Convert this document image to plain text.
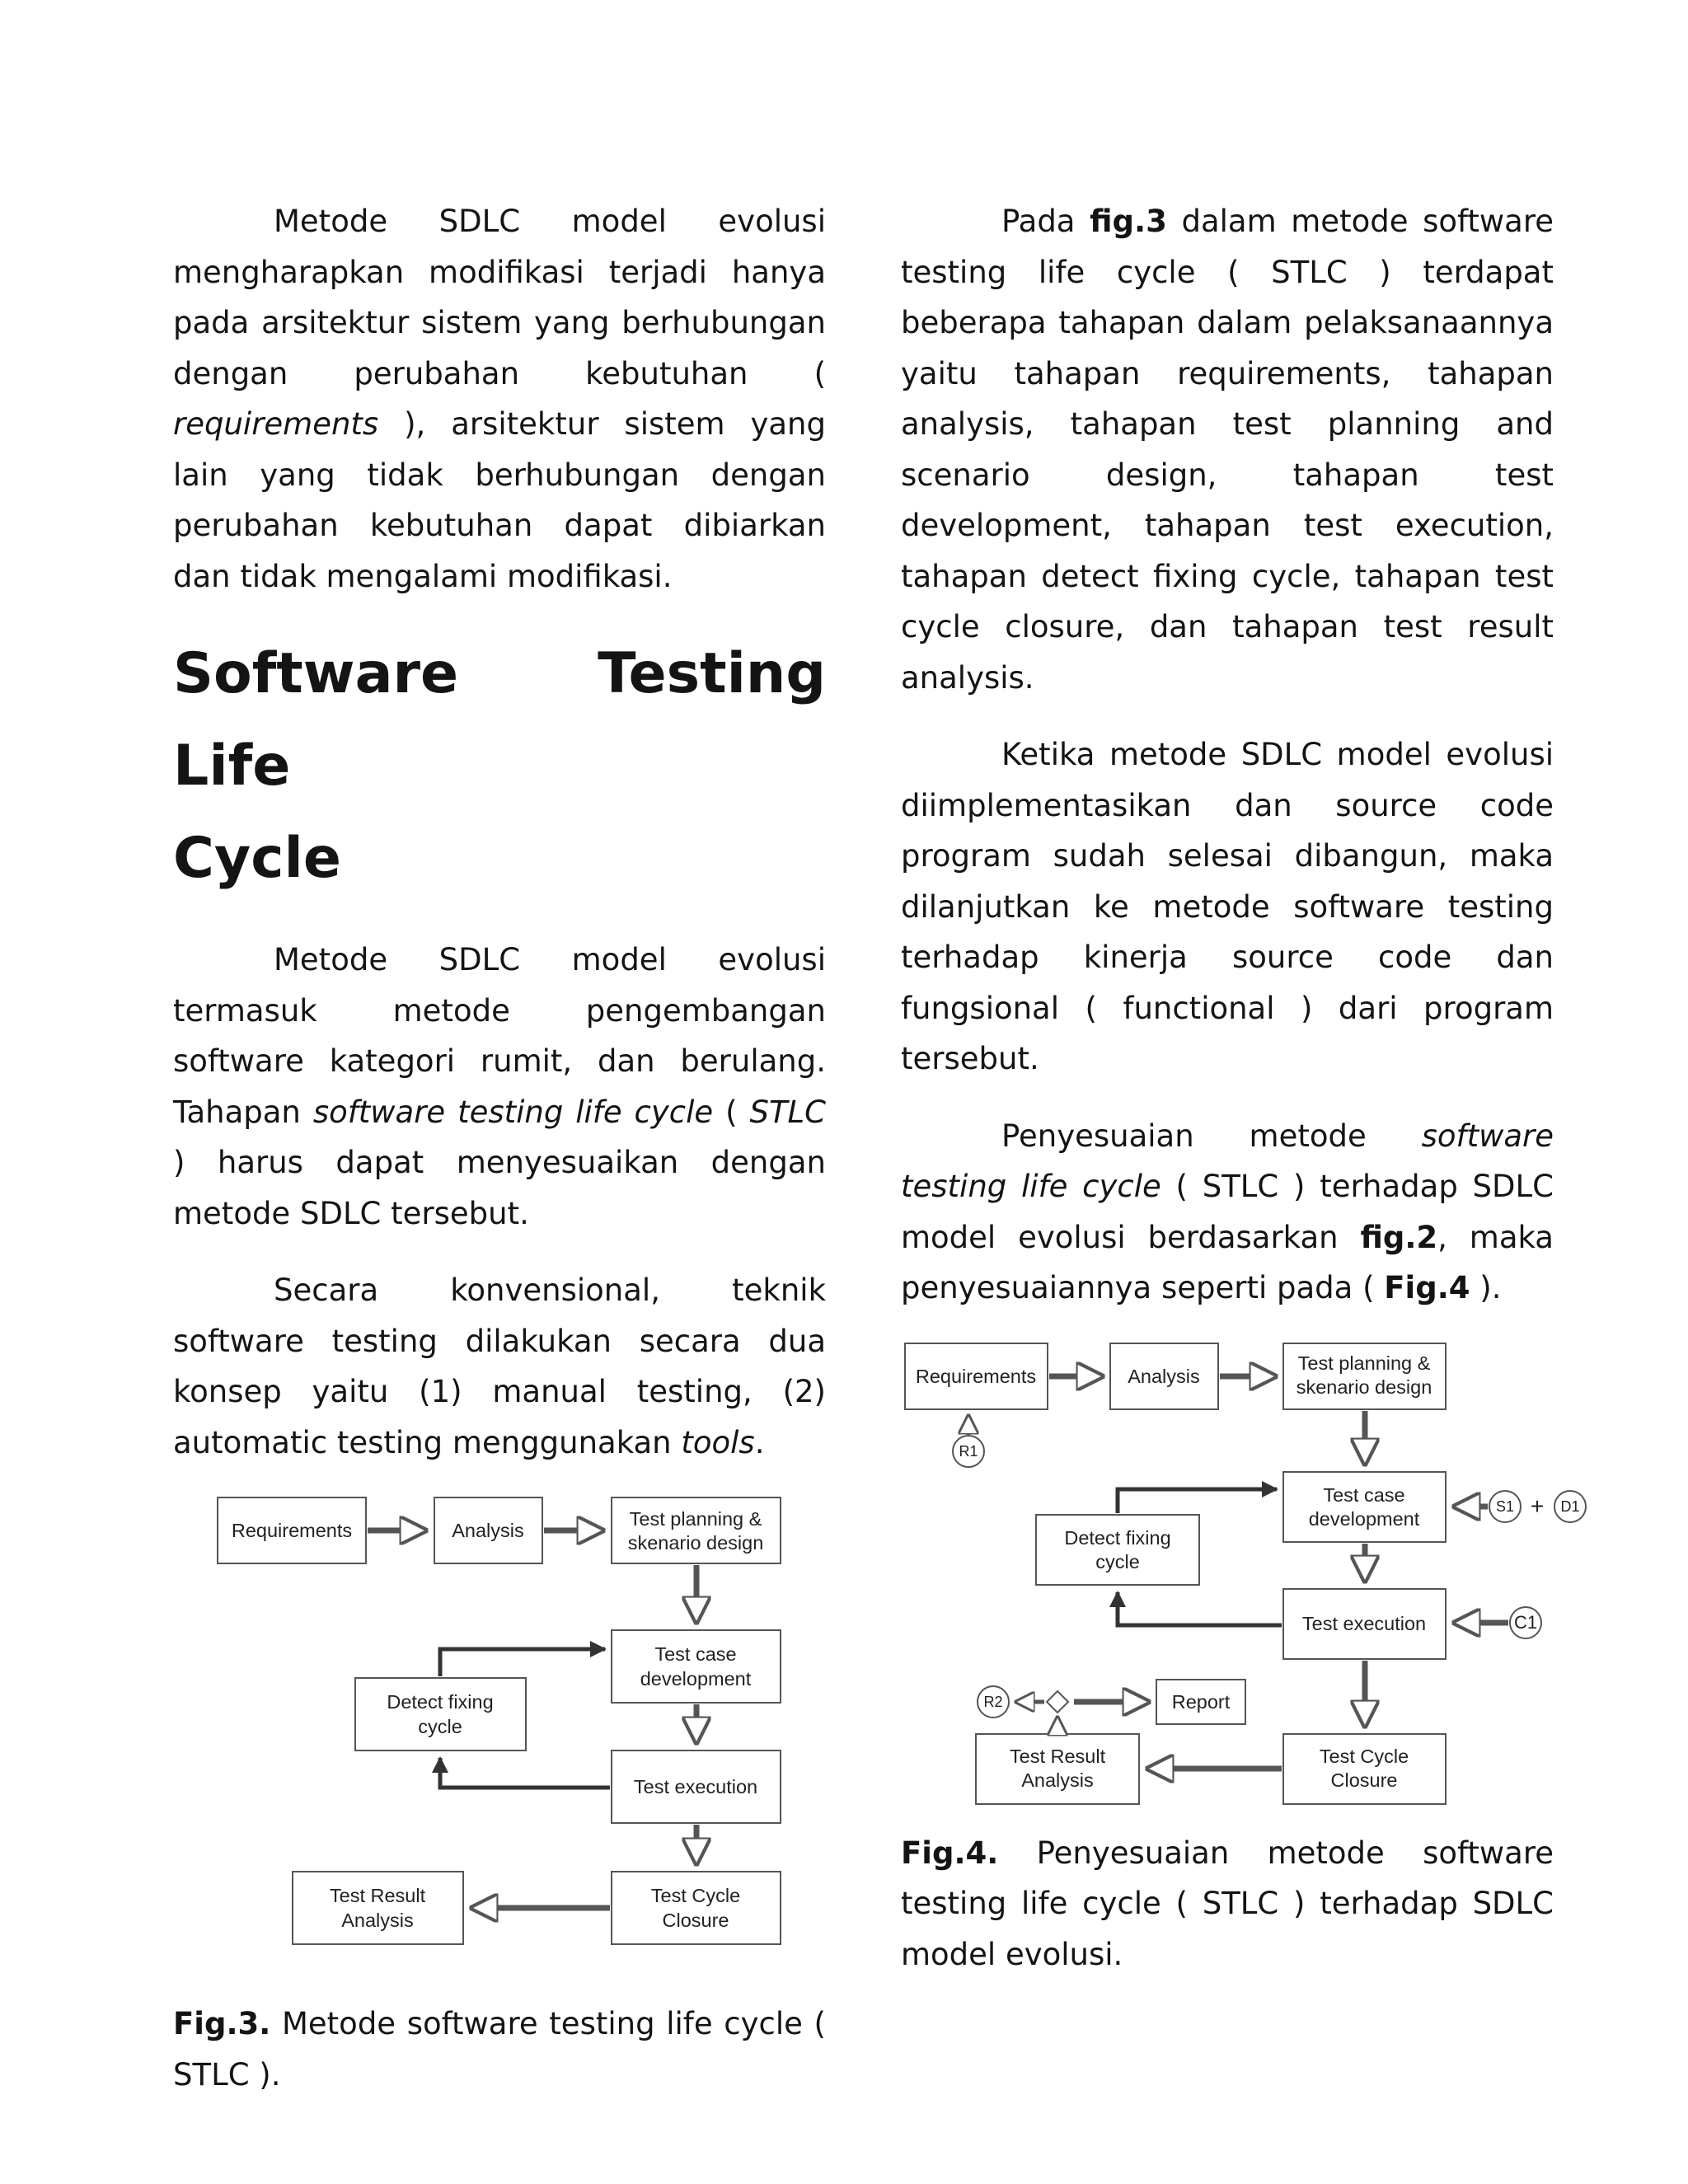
Metode SDLC model evolusi mengharapkan modifikasi terjadi hanya pada arsitektur sistem yang berhubungan dengan perubahan kebutuhan ( requirements ), arsitektur sistem yang lain yang tidak berhubungan dengan perubahan kebutuhan dapat dibiarkan dan tidak mengalami modifikasi.

Software Testing Life
Cycle

Metode SDLC model evolusi termasuk metode pengembangan software kategori rumit, dan berulang. Tahapan software testing life cycle ( STLC ) harus dapat menyesuaikan dengan metode SDLC tersebut.

Secara konvensional, teknik software testing dilakukan secara dua konsep yaitu (1) manual testing, (2) automatic testing menggunakan tools.

Requirements	Analysis
Test planning &
skenario design
Test case
development
Detect fixing
cycle
Test execution
Test Result
Analysis
Test Cycle
Closure

Fig.3. Metode software testing life cycle ( STLC ).

Pada fig.3 dalam metode software testing life cycle ( STLC ) terdapat beberapa tahapan dalam pelaksanaannya yaitu tahapan requirements, tahapan analysis, tahapan test planning and scenario design, tahapan test development, tahapan test execution, tahapan detect fixing cycle, tahapan test cycle closure, dan tahapan test result analysis.

Ketika metode SDLC model evolusi diimplementasikan dan source code program sudah selesai dibangun, maka dilanjutkan ke metode software testing terhadap kinerja source code dan fungsional ( functional ) dari program tersebut.

Penyesuaian metode software testing life cycle ( STLC ) terhadap SDLC model evolusi berdasarkan fig.2, maka penyesuaiannya seperti pada ( Fig.4 ).

Requirements	Analysis
Test planning &
skenario design
Test case
development
Detect fixing
cycle
Test execution
Report
Test Result
Analysis
Test Cycle
Closure
R1
S1 + D1
C1
R2

Fig.4. Penyesuaian metode software testing life cycle ( STLC ) terhadap SDLC model evolusi.
